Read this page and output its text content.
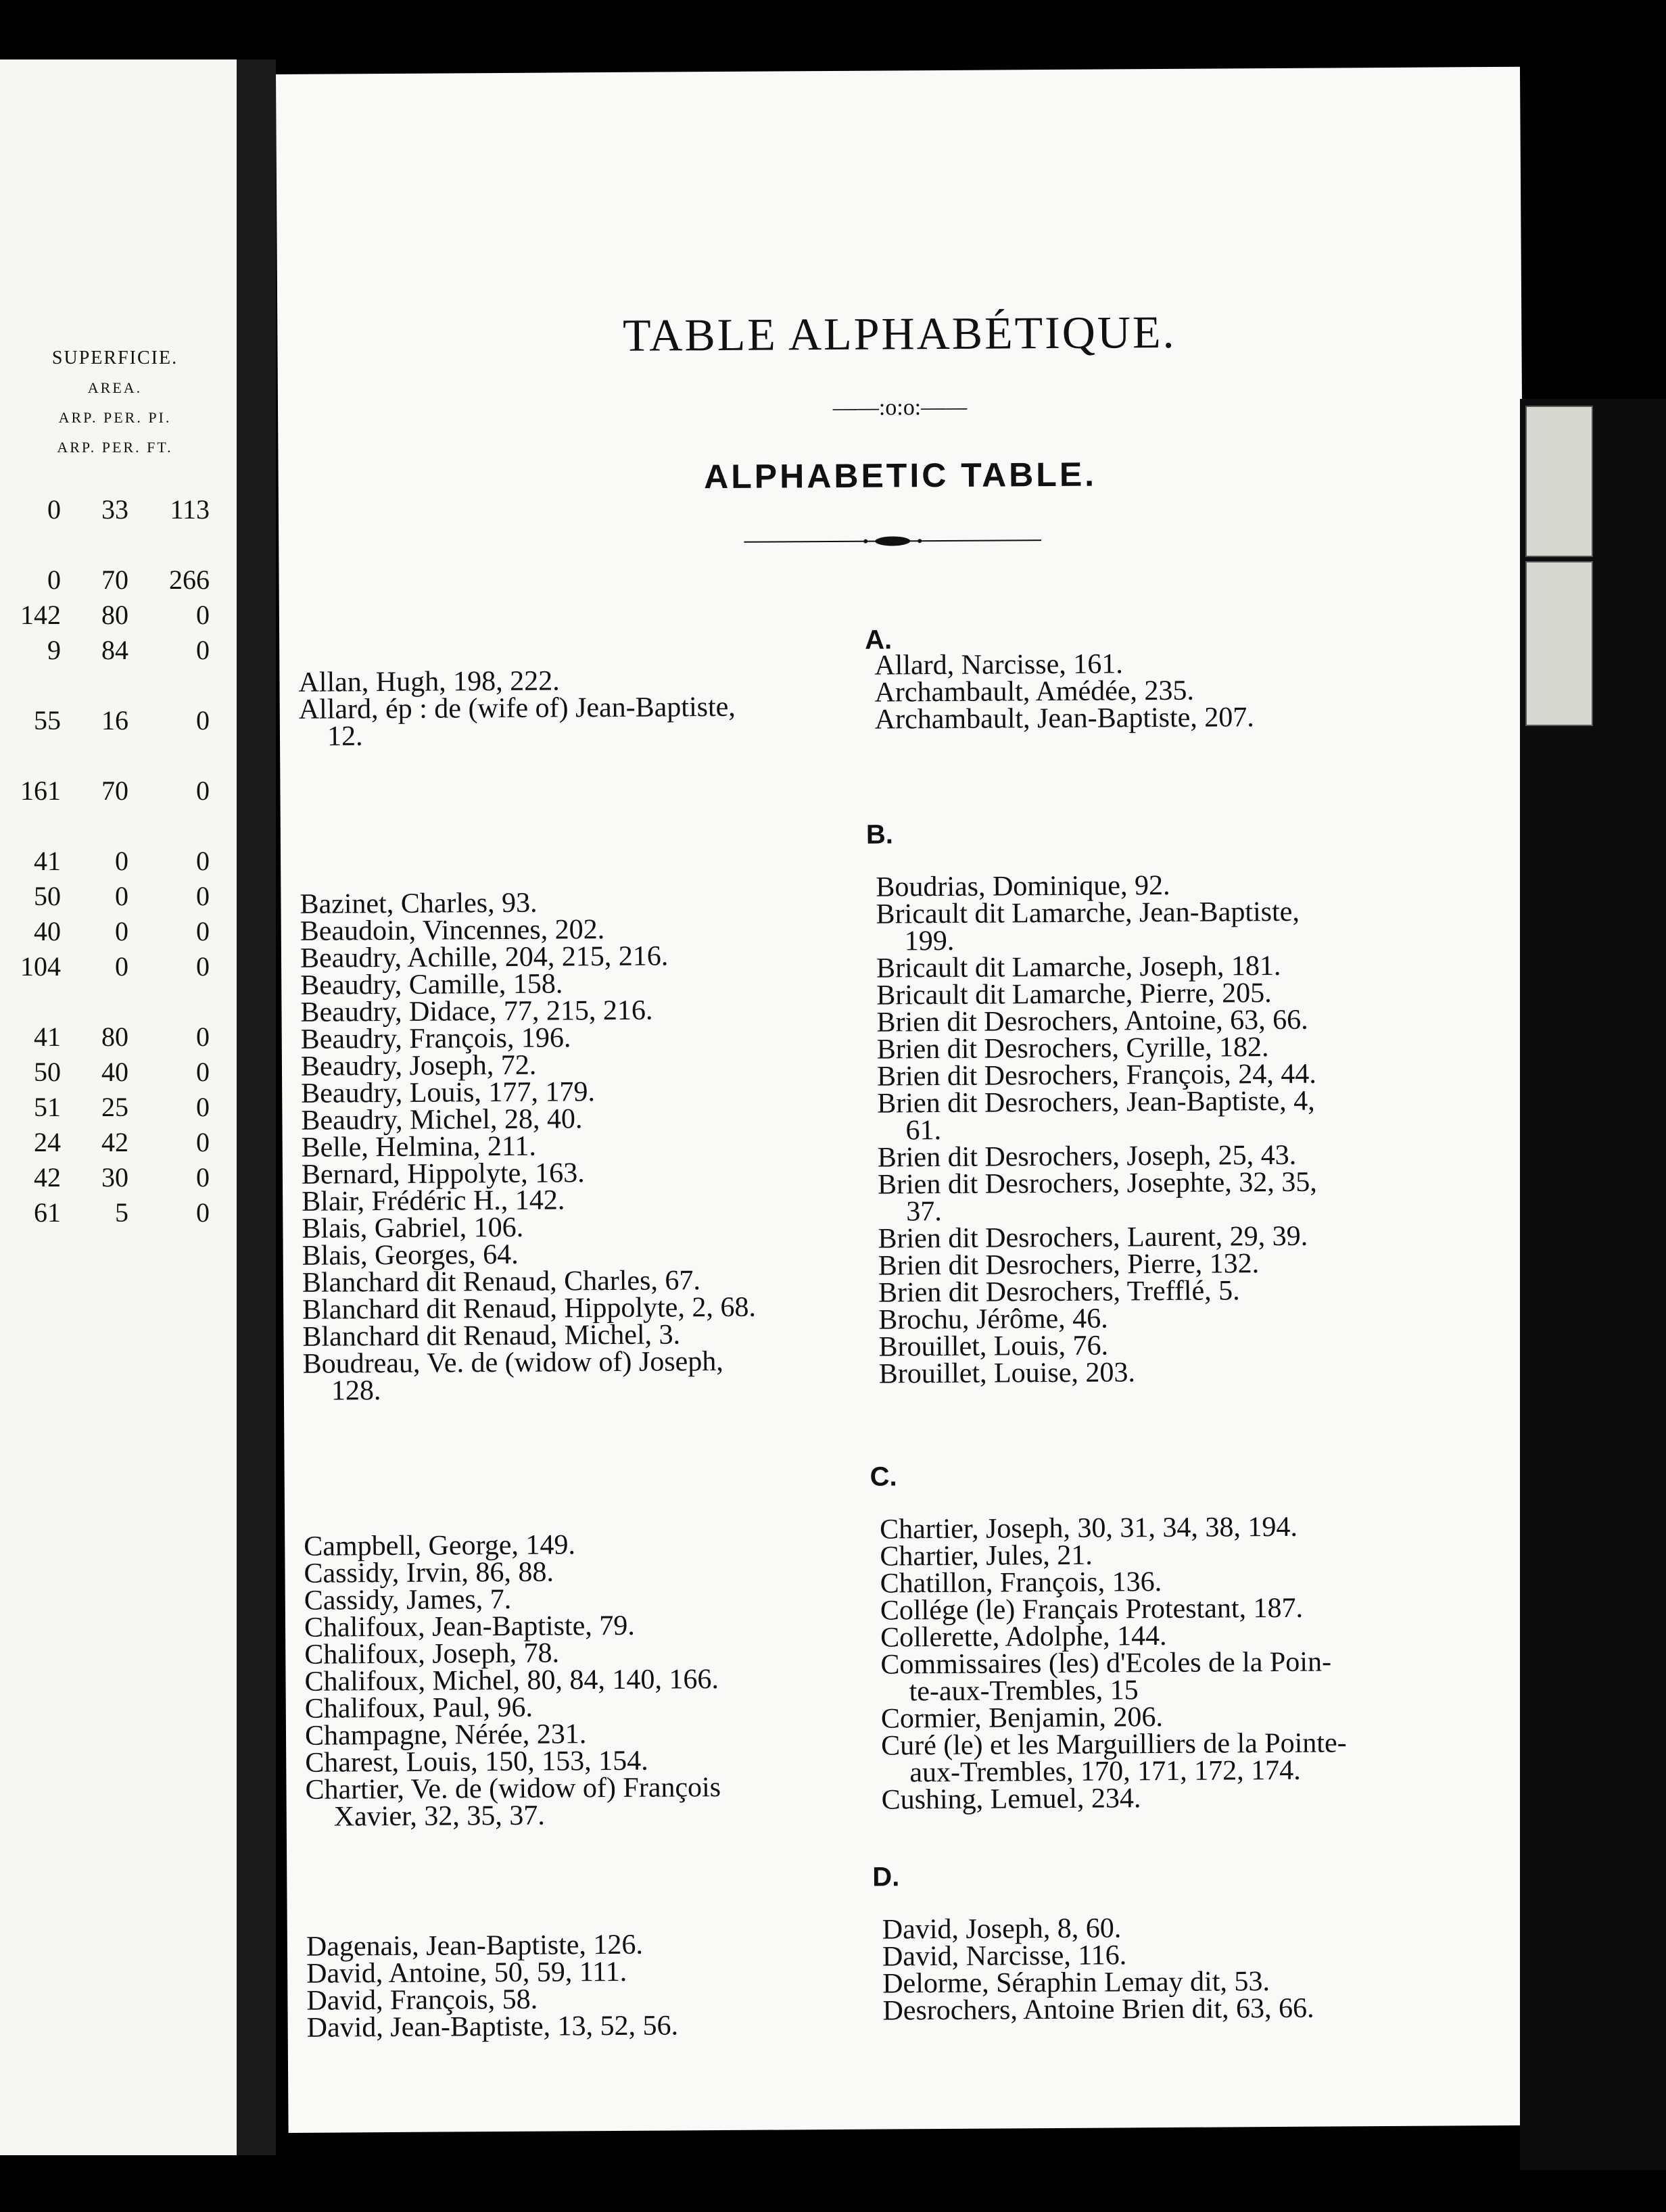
SUPERFICIE.
AREA.
ARP. PER. PI.
ARP. PER. FT.
0	33	113
0	70	266
142	80	0
9	84	0
55	16	0
161	70	0
41	0	0
50	0	0
40	0	0
104	0	0
41	80	0
50	40	0
51	25	0
24	42	0
42	30	0
61	5	0
TABLE ALPHABÉTIQUE.
——:o:o:——
ALPHABETIC TABLE.
A.
Allan, Hugh, 198, 222.
Allard, ép : de (wife of) Jean-Baptiste,
12.
Allard, Narcisse, 161.
Archambault, Amédée, 235.
Archambault, Jean-Baptiste, 207.
B.
Bazinet, Charles, 93.
Beaudoin, Vincennes, 202.
Beaudry, Achille, 204, 215, 216.
Beaudry, Camille, 158.
Beaudry, Didace, 77, 215, 216.
Beaudry, François, 196.
Beaudry, Joseph, 72.
Beaudry, Louis, 177, 179.
Beaudry, Michel, 28, 40.
Belle, Helmina, 211.
Bernard, Hippolyte, 163.
Blair, Frédéric H., 142.
Blais, Gabriel, 106.
Blais, Georges, 64.
Blanchard dit Renaud, Charles, 67.
Blanchard dit Renaud, Hippolyte, 2, 68.
Blanchard dit Renaud, Michel, 3.
Boudreau, Ve. de (widow of) Joseph,
128.
Boudrias, Dominique, 92.
Bricault dit Lamarche, Jean-Baptiste,
199.
Bricault dit Lamarche, Joseph, 181.
Bricault dit Lamarche, Pierre, 205.
Brien dit Desrochers, Antoine, 63, 66.
Brien dit Desrochers, Cyrille, 182.
Brien dit Desrochers, François, 24, 44.
Brien dit Desrochers, Jean-Baptiste, 4,
61.
Brien dit Desrochers, Joseph, 25, 43.
Brien dit Desrochers, Josephte, 32, 35,
37.
Brien dit Desrochers, Laurent, 29, 39.
Brien dit Desrochers, Pierre, 132.
Brien dit Desrochers, Trefflé, 5.
Brochu, Jérôme, 46.
Brouillet, Louis, 76.
Brouillet, Louise, 203.
C.
Campbell, George, 149.
Cassidy, Irvin, 86, 88.
Cassidy, James, 7.
Chalifoux, Jean-Baptiste, 79.
Chalifoux, Joseph, 78.
Chalifoux, Michel, 80, 84, 140, 166.
Chalifoux, Paul, 96.
Champagne, Nérée, 231.
Charest, Louis, 150, 153, 154.
Chartier, Ve. de (widow of) François
Xavier, 32, 35, 37.
Chartier, Joseph, 30, 31, 34, 38, 194.
Chartier, Jules, 21.
Chatillon, François, 136.
Collége (le) Français Protestant, 187.
Collerette, Adolphe, 144.
Commissaires (les) d'Ecoles de la Poin-
te-aux-Trembles, 15
Cormier, Benjamin, 206.
Curé (le) et les Marguilliers de la Pointe-
aux-Trembles, 170, 171, 172, 174.
Cushing, Lemuel, 234.
D.
Dagenais, Jean-Baptiste, 126.
David, Antoine, 50, 59, 111.
David, François, 58.
David, Jean-Baptiste, 13, 52, 56.
David, Joseph, 8, 60.
David, Narcisse, 116.
Delorme, Séraphin Lemay dit, 53.
Desrochers, Antoine Brien dit, 63, 66.
